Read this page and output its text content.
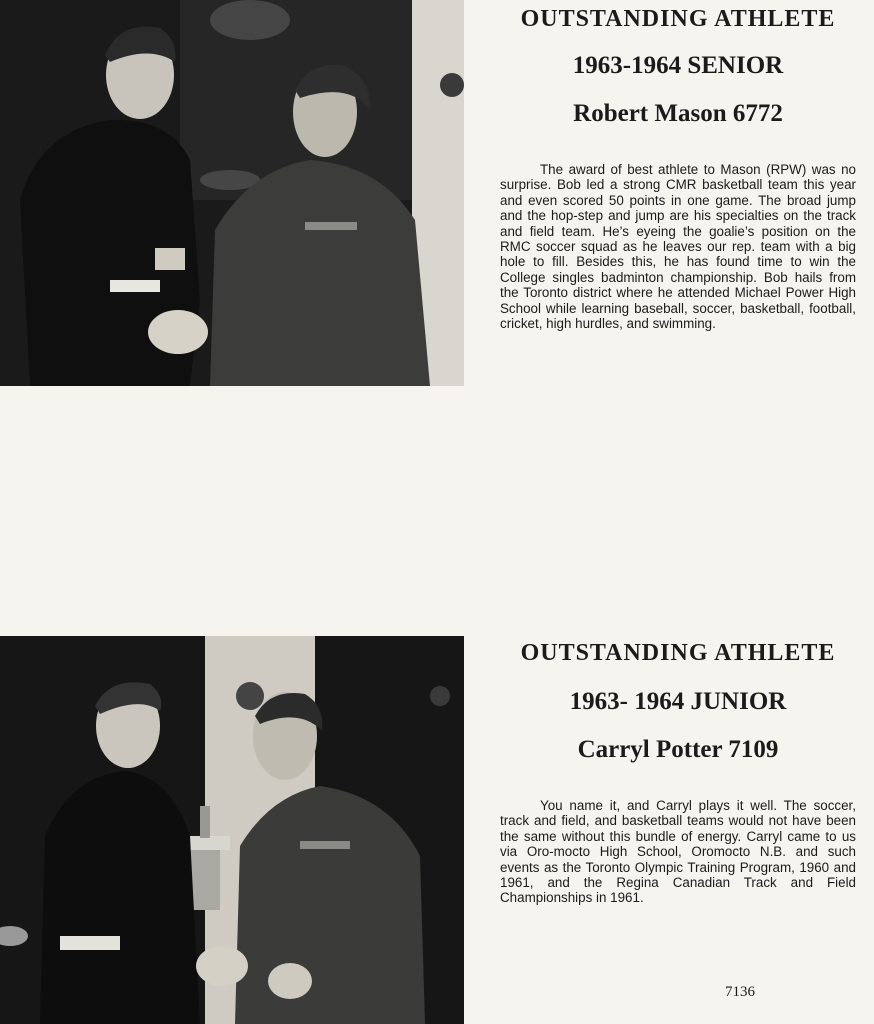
OUTSTANDING ATHLETE
1963-1964 SENIOR
Robert Mason 6772

The award of best athlete to Mason (RPW) was no surprise. Bob led a strong CMR basketball team this year and even scored 50 points in one game. The broad jump and the hop-step and jump are his specialties on the track and field team. He’s eyeing the goalie’s position on the RMC soccer squad as he leaves our rep. team with a big hole to fill. Besides this, he has found time to win the College singles badminton championship. Bob hails from the Toronto district where he attended Michael Power High School while learning baseball, soccer, basketball, football, cricket, high hurdles, and swimming.

OUTSTANDING ATHLETE
1963- 1964 JUNIOR
Carryl Potter 7109

You name it, and Carryl plays it well. The soccer, track and field, and basketball teams would not have been the same without this bundle of energy. Carryl came to us via Oro-mocto High School, Oromocto N.B. and such events as the Toronto Olympic Training Program, 1960 and 1961, and the Regina Canadian Track and Field Championships in 1961.

7136
